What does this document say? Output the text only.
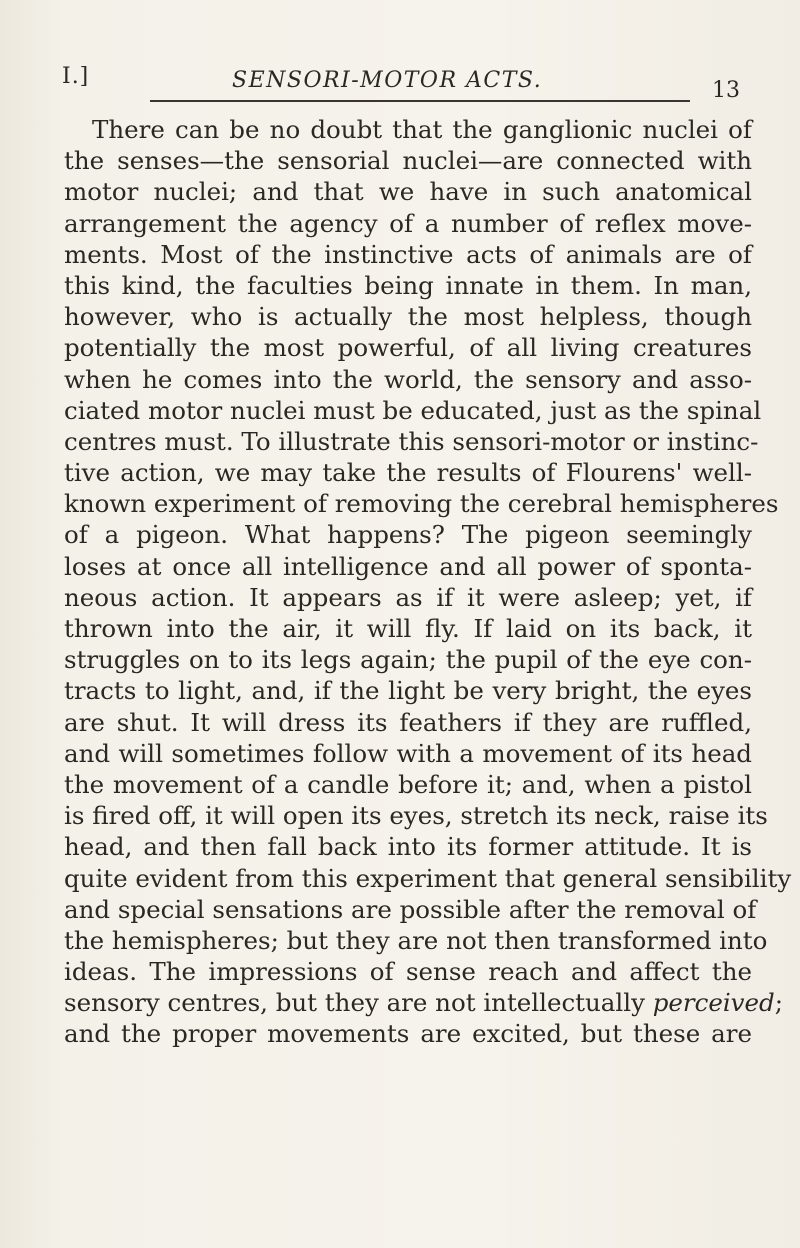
I.]	SENSORI-MOTOR ACTS.	13
There can be no doubt that the ganglionic nuclei of
the senses—the sensorial nuclei—are connected with
motor nuclei; and that we have in such anatomical
arrangement the agency of a number of reflex move-
ments. Most of the instinctive acts of animals are of
this kind, the faculties being innate in them. In man,
however, who is actually the most helpless, though
potentially the most powerful, of all living creatures
when he comes into the world, the sensory and asso-
ciated motor nuclei must be educated, just as the spinal
centres must. To illustrate this sensori-motor or instinc-
tive action, we may take the results of Flourens' well-
known experiment of removing the cerebral hemispheres
of a pigeon. What happens? The pigeon seemingly
loses at once all intelligence and all power of sponta-
neous action. It appears as if it were asleep; yet, if
thrown into the air, it will fly. If laid on its back, it
struggles on to its legs again; the pupil of the eye con-
tracts to light, and, if the light be very bright, the eyes
are shut. It will dress its feathers if they are ruffled,
and will sometimes follow with a movement of its head
the movement of a candle before it; and, when a pistol
is fired off, it will open its eyes, stretch its neck, raise its
head, and then fall back into its former attitude. It is
quite evident from this experiment that general sensibility
and special sensations are possible after the removal of
the hemispheres; but they are not then transformed into
ideas. The impressions of sense reach and affect the
sensory centres, but they are not intellectually perceived;
and the proper movements are excited, but these are
